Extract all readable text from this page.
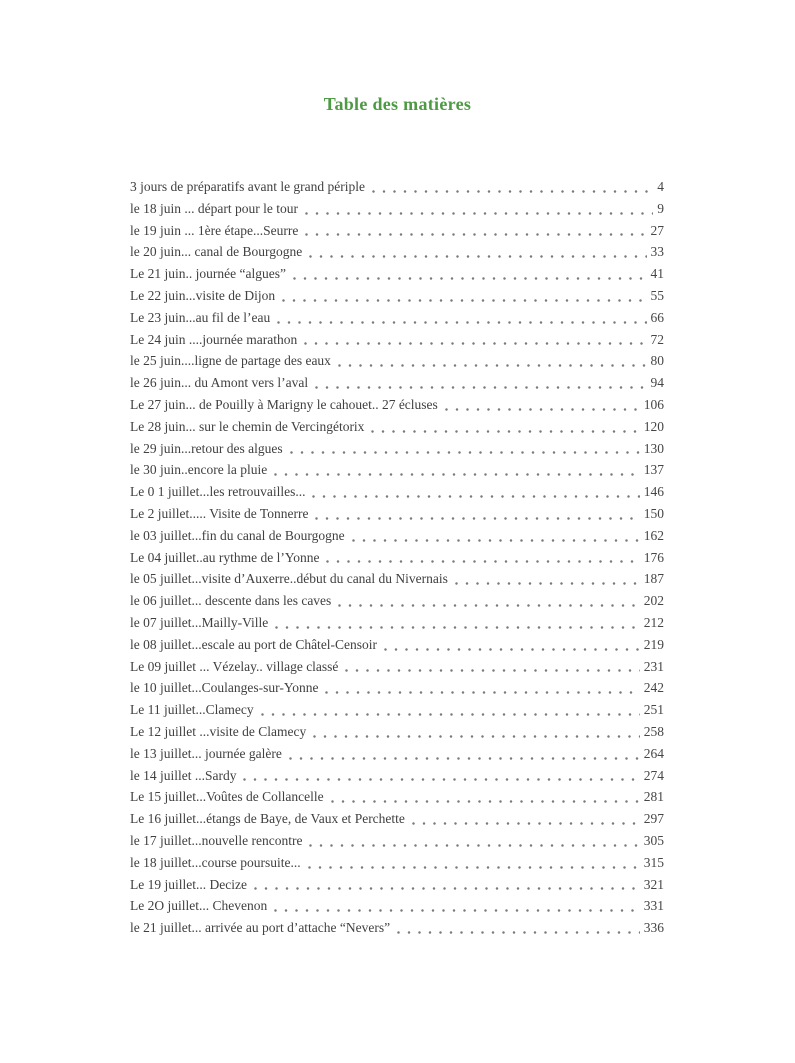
Table des matières
3 jours de préparatifs avant le grand périple	4
le 18 juin ... départ pour le tour	9
le 19 juin ... 1ère étape...Seurre	27
le 20 juin... canal de Bourgogne	33
Le 21 juin.. journée “algues”	41
Le 22 juin...visite de Dijon	55
Le 23 juin...au fil de l’eau	66
Le 24 juin ....journée marathon	72
le 25 juin....ligne de partage des eaux	80
le 26 juin... du Amont vers l’aval	94
Le 27 juin... de Pouilly à Marigny le cahouet.. 27 écluses	106
Le 28 juin... sur le chemin de Vercingétorix	120
le 29 juin...retour des algues	130
le 30 juin..encore la pluie	137
Le 0 1 juillet...les retrouvailles...	146
Le 2 juillet..... Visite de Tonnerre	150
le 03 juillet...fin du canal de Bourgogne	162
Le 04 juillet..au rythme de l’Yonne	176
le 05 juillet...visite d’Auxerre..début du canal du Nivernais	187
le 06 juillet... descente dans les caves	202
le 07 juillet...Mailly-Ville	212
le 08 juillet...escale au port de Châtel-Censoir	219
Le 09 juillet ... Vézelay.. village classé	231
le 10 juillet...Coulanges-sur-Yonne	242
Le 11 juillet...Clamecy	251
Le 12 juillet ...visite de Clamecy	258
le 13 juillet... journée galère	264
le 14 juillet ...Sardy	274
Le 15 juillet...Voûtes de Collancelle	281
Le 16 juillet...étangs de Baye, de Vaux et Perchette	297
le 17 juillet...nouvelle rencontre	305
le 18 juillet...course poursuite...	315
Le 19 juillet... Decize	321
Le 2O juillet... Chevenon	331
le 21 juillet... arrivée au port d’attache “Nevers”	336
